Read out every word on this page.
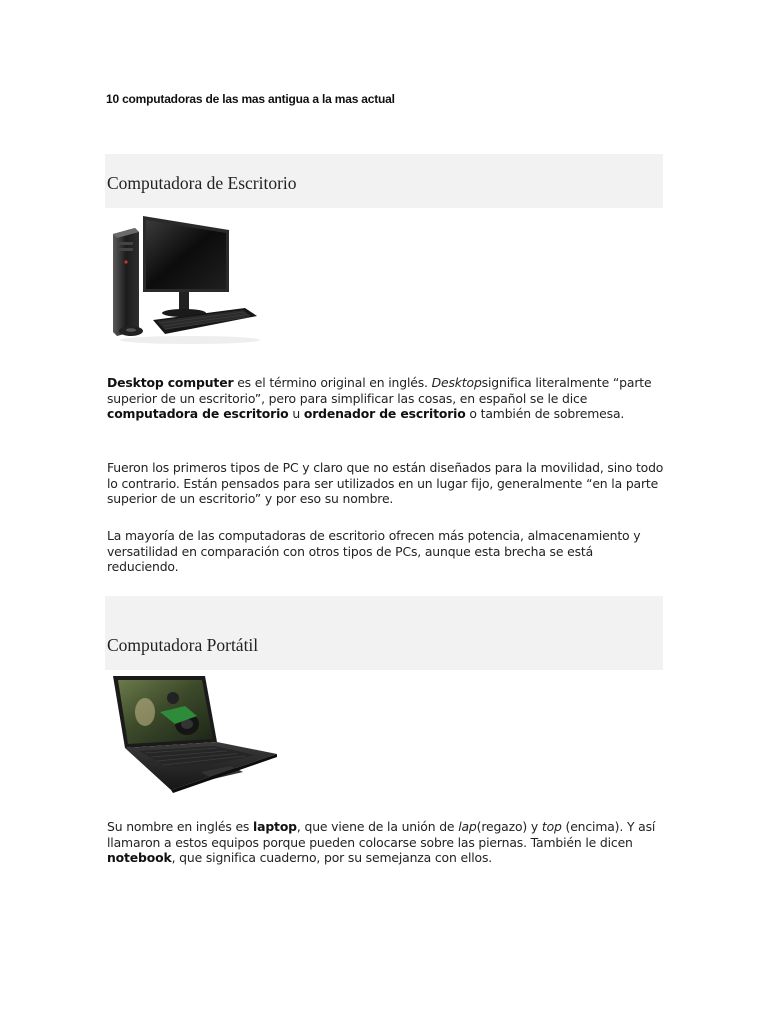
10 computadoras de las mas antigua a la mas actual
Computadora de Escritorio

Desktop computer es el término original en inglés. Desktopsignifica literalmente “parte superior de un escritorio”, pero para simplificar las cosas, en español se le dice computadora de escritorio u ordenador de escritorio o también de sobremesa.

Fueron los primeros tipos de PC y claro que no están diseñados para la movilidad, sino todo lo contrario. Están pensados para ser utilizados en un lugar fijo, generalmente “en la parte superior de un escritorio” y por eso su nombre.

La mayoría de las computadoras de escritorio ofrecen más potencia, almacenamiento y versatilidad en comparación con otros tipos de PCs, aunque esta brecha se está reduciendo.

Computadora Portátil

Su nombre en inglés es laptop, que viene de la unión de lap(regazo) y top (encima). Y así llamaron a estos equipos porque pueden colocarse sobre las piernas. También le dicen notebook, que significa cuaderno, por su semejanza con ellos.
